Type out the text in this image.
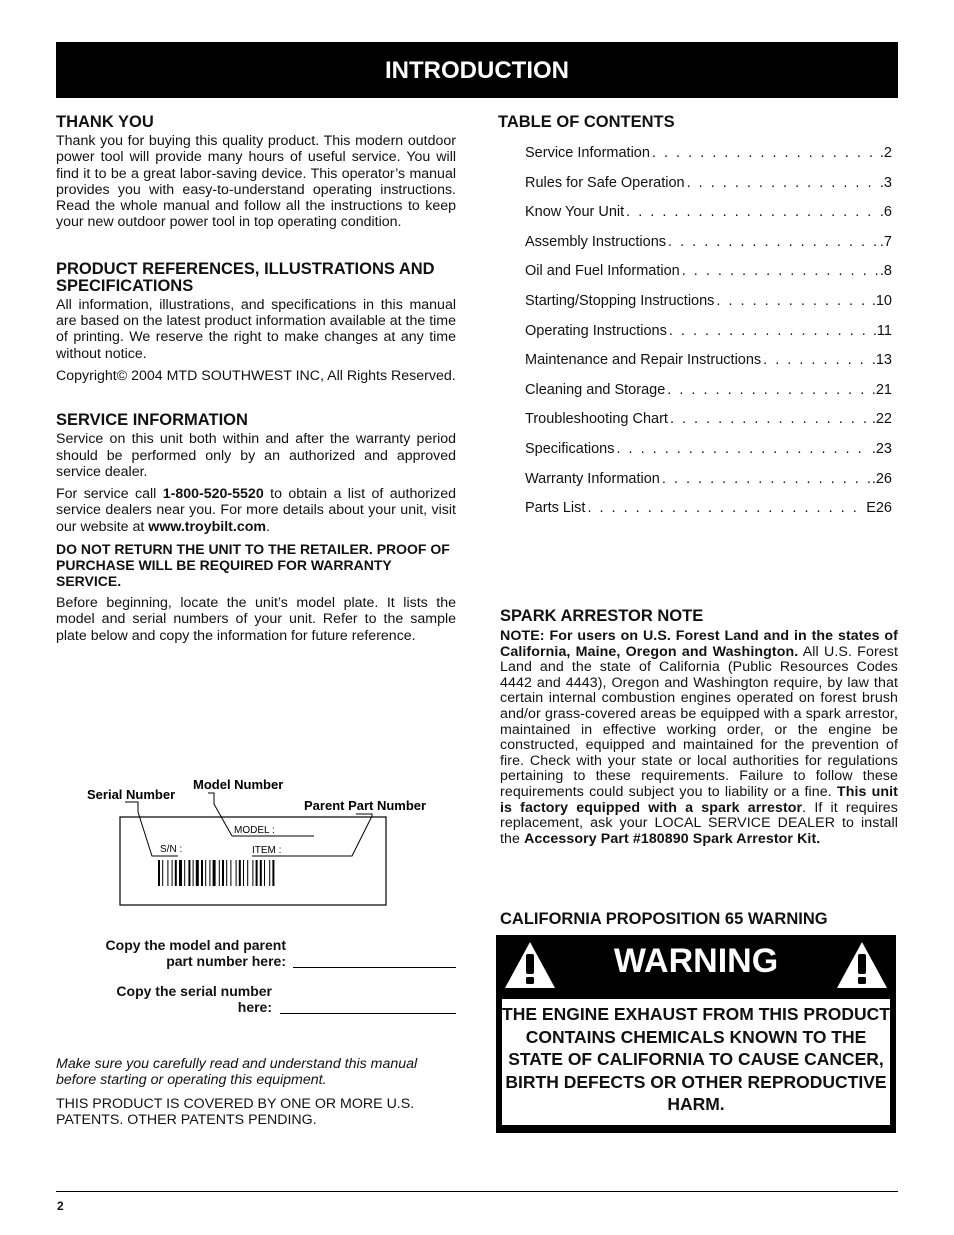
INTRODUCTION
THANK YOU

Thank you for buying this quality product. This modern outdoor power tool will provide many hours of useful service. You will find it to be a great labor-saving device. This operator’s manual provides you with easy-to-understand operating instructions. Read the whole manual and follow all the instructions to keep your new outdoor power tool in top operating condition.

PRODUCT REFERENCES, ILLUSTRATIONS AND SPECIFICATIONS

All information, illustrations, and specifications in this manual are based on the latest product information available at the time of printing. We reserve the right to make changes at any time without notice.

Copyright© 2004 MTD SOUTHWEST INC, All Rights Reserved.

SERVICE INFORMATION

Service on this unit both within and after the warranty period should be performed only by an authorized and approved service dealer.

For service call 1-800-520-5520 to obtain a list of authorized service dealers near you. For more details about your unit, visit our website at www.troybilt.com.

DO NOT RETURN THE UNIT TO THE RETAILER. PROOF OF PURCHASE WILL BE REQUIRED FOR WARRANTY SERVICE.

Before beginning, locate the unit’s model plate. It lists the model and serial numbers of your unit. Refer to the sample plate below and copy the information for future reference.

Serial Number
Model Number
Parent Part Number
MODEL :
S/N :	ITEM :
Copy the model and parent
part number here:
Copy the serial number
here:

Make sure you carefully read and understand this manual before starting or operating this equipment.

THIS PRODUCT IS COVERED BY ONE OR MORE U.S. PATENTS. OTHER PATENTS PENDING.

TABLE OF CONTENTS
Service Information . . .	.2
Rules for Safe Operation . . .	.3
Know Your Unit . . .	.6
Assembly Instructions . . .	.7
Oil and Fuel Information . . .	.8
Starting/Stopping Instructions . . .	.10
Operating Instructions . . .	.11
Maintenance and Repair Instructions . . .	.13
Cleaning and Storage . . .	.21
Troubleshooting Chart . . .	.22
Specifications . . .	.23
Warranty Information . . .	.26
Parts List . . .	E26
SPARK ARRESTOR NOTE

NOTE: For users on U.S. Forest Land and in the states of California, Maine, Oregon and Washington. All U.S. Forest Land and the state of California (Public Resources Codes 4442 and 4443), Oregon and Washington require, by law that certain internal combustion engines operated on forest brush and/or grass-covered areas be equipped with a spark arrestor, maintained in effective working order, or the engine be constructed, equipped and maintained for the prevention of fire. Check with your state or local authorities for regulations pertaining to these requirements. Failure to follow these requirements could subject you to liability or a fine. This unit is factory equipped with a spark arrestor. If it requires replacement, ask your LOCAL SERVICE DEALER to install the Accessory Part #180890 Spark Arrestor Kit.

CALIFORNIA PROPOSITION 65 WARNING
WARNING
THE ENGINE EXHAUST FROM THIS PRODUCT CONTAINS CHEMICALS KNOWN TO THE STATE OF CALIFORNIA TO CAUSE CANCER, BIRTH DEFECTS OR OTHER REPRODUCTIVE HARM.
2
